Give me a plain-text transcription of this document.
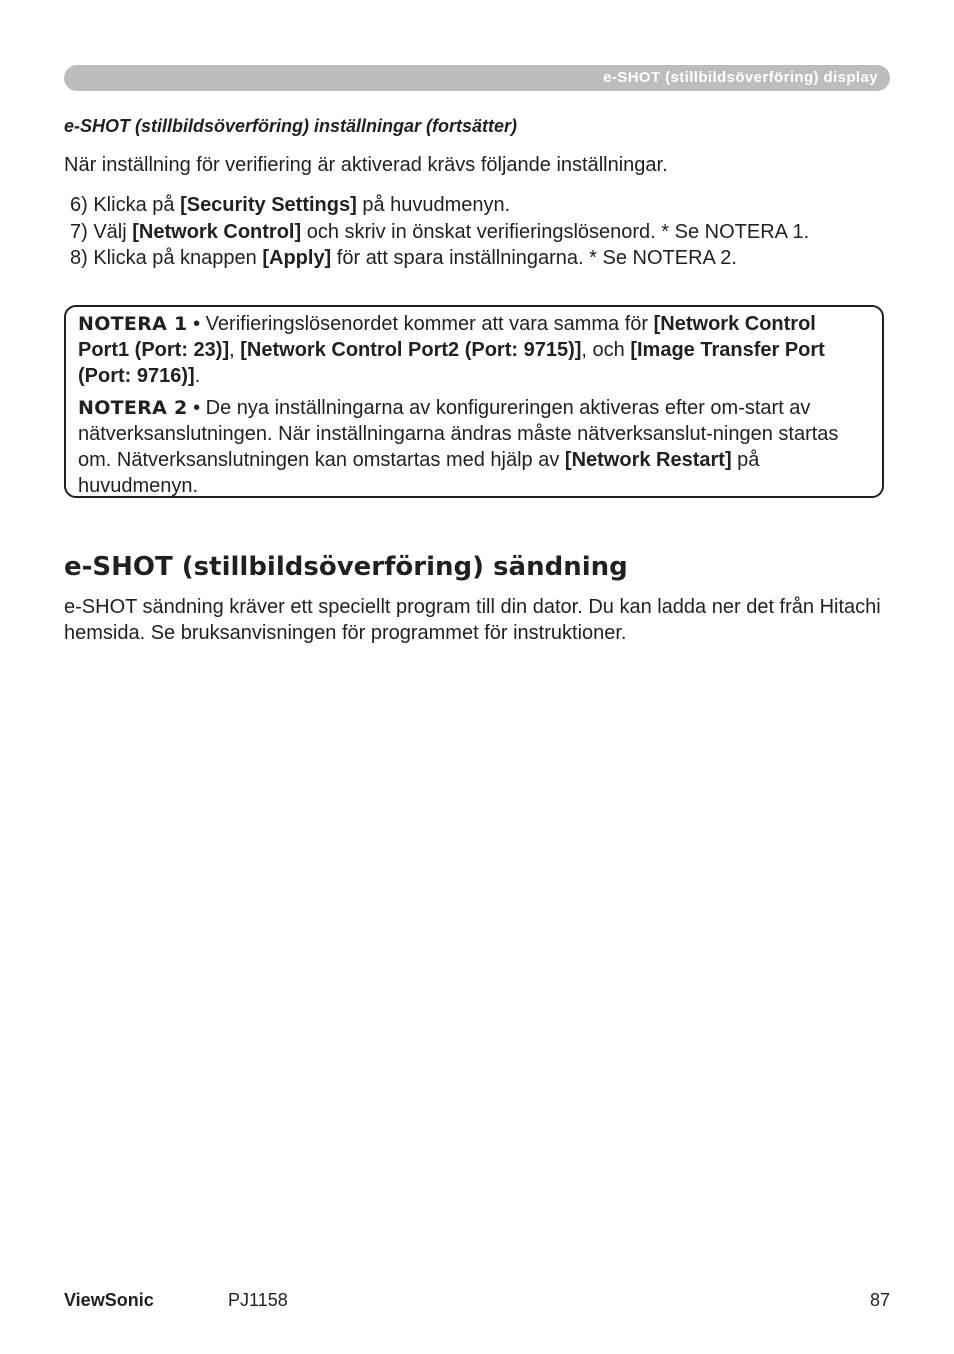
e-SHOT (stillbildsöverföring) display
e-SHOT (stillbildsöverföring) inställningar (fortsätter)
När inställning för verifiering är aktiverad krävs följande inställningar.
6) Klicka på [Security Settings] på huvudmenyn.
7) Välj [Network Control] och skriv in önskat verifieringslösenord. * Se NOTERA 1.
8) Klicka på knappen [Apply] för att spara inställningarna. * Se NOTERA 2.

NOTERA 1 • Verifieringslösenordet kommer att vara samma för [Network Control Port1 (Port: 23)], [Network Control Port2 (Port: 9715)], och [Image Transfer Port (Port: 9716)].

NOTERA 2 • De nya inställningarna av konfigureringen aktiveras efter om-start av nätverksanslutningen. När inställningarna ändras måste nätverksanslut-ningen startas om. Nätverksanslutningen kan omstartas med hjälp av [Network Restart] på huvudmenyn.

e-SHOT (stillbildsöverföring) sändning

e-SHOT sändning kräver ett speciellt program till din dator. Du kan ladda ner det från Hitachi hemsida. Se bruksanvisningen för programmet för instruktioner.

ViewSonic	PJ1158	87
